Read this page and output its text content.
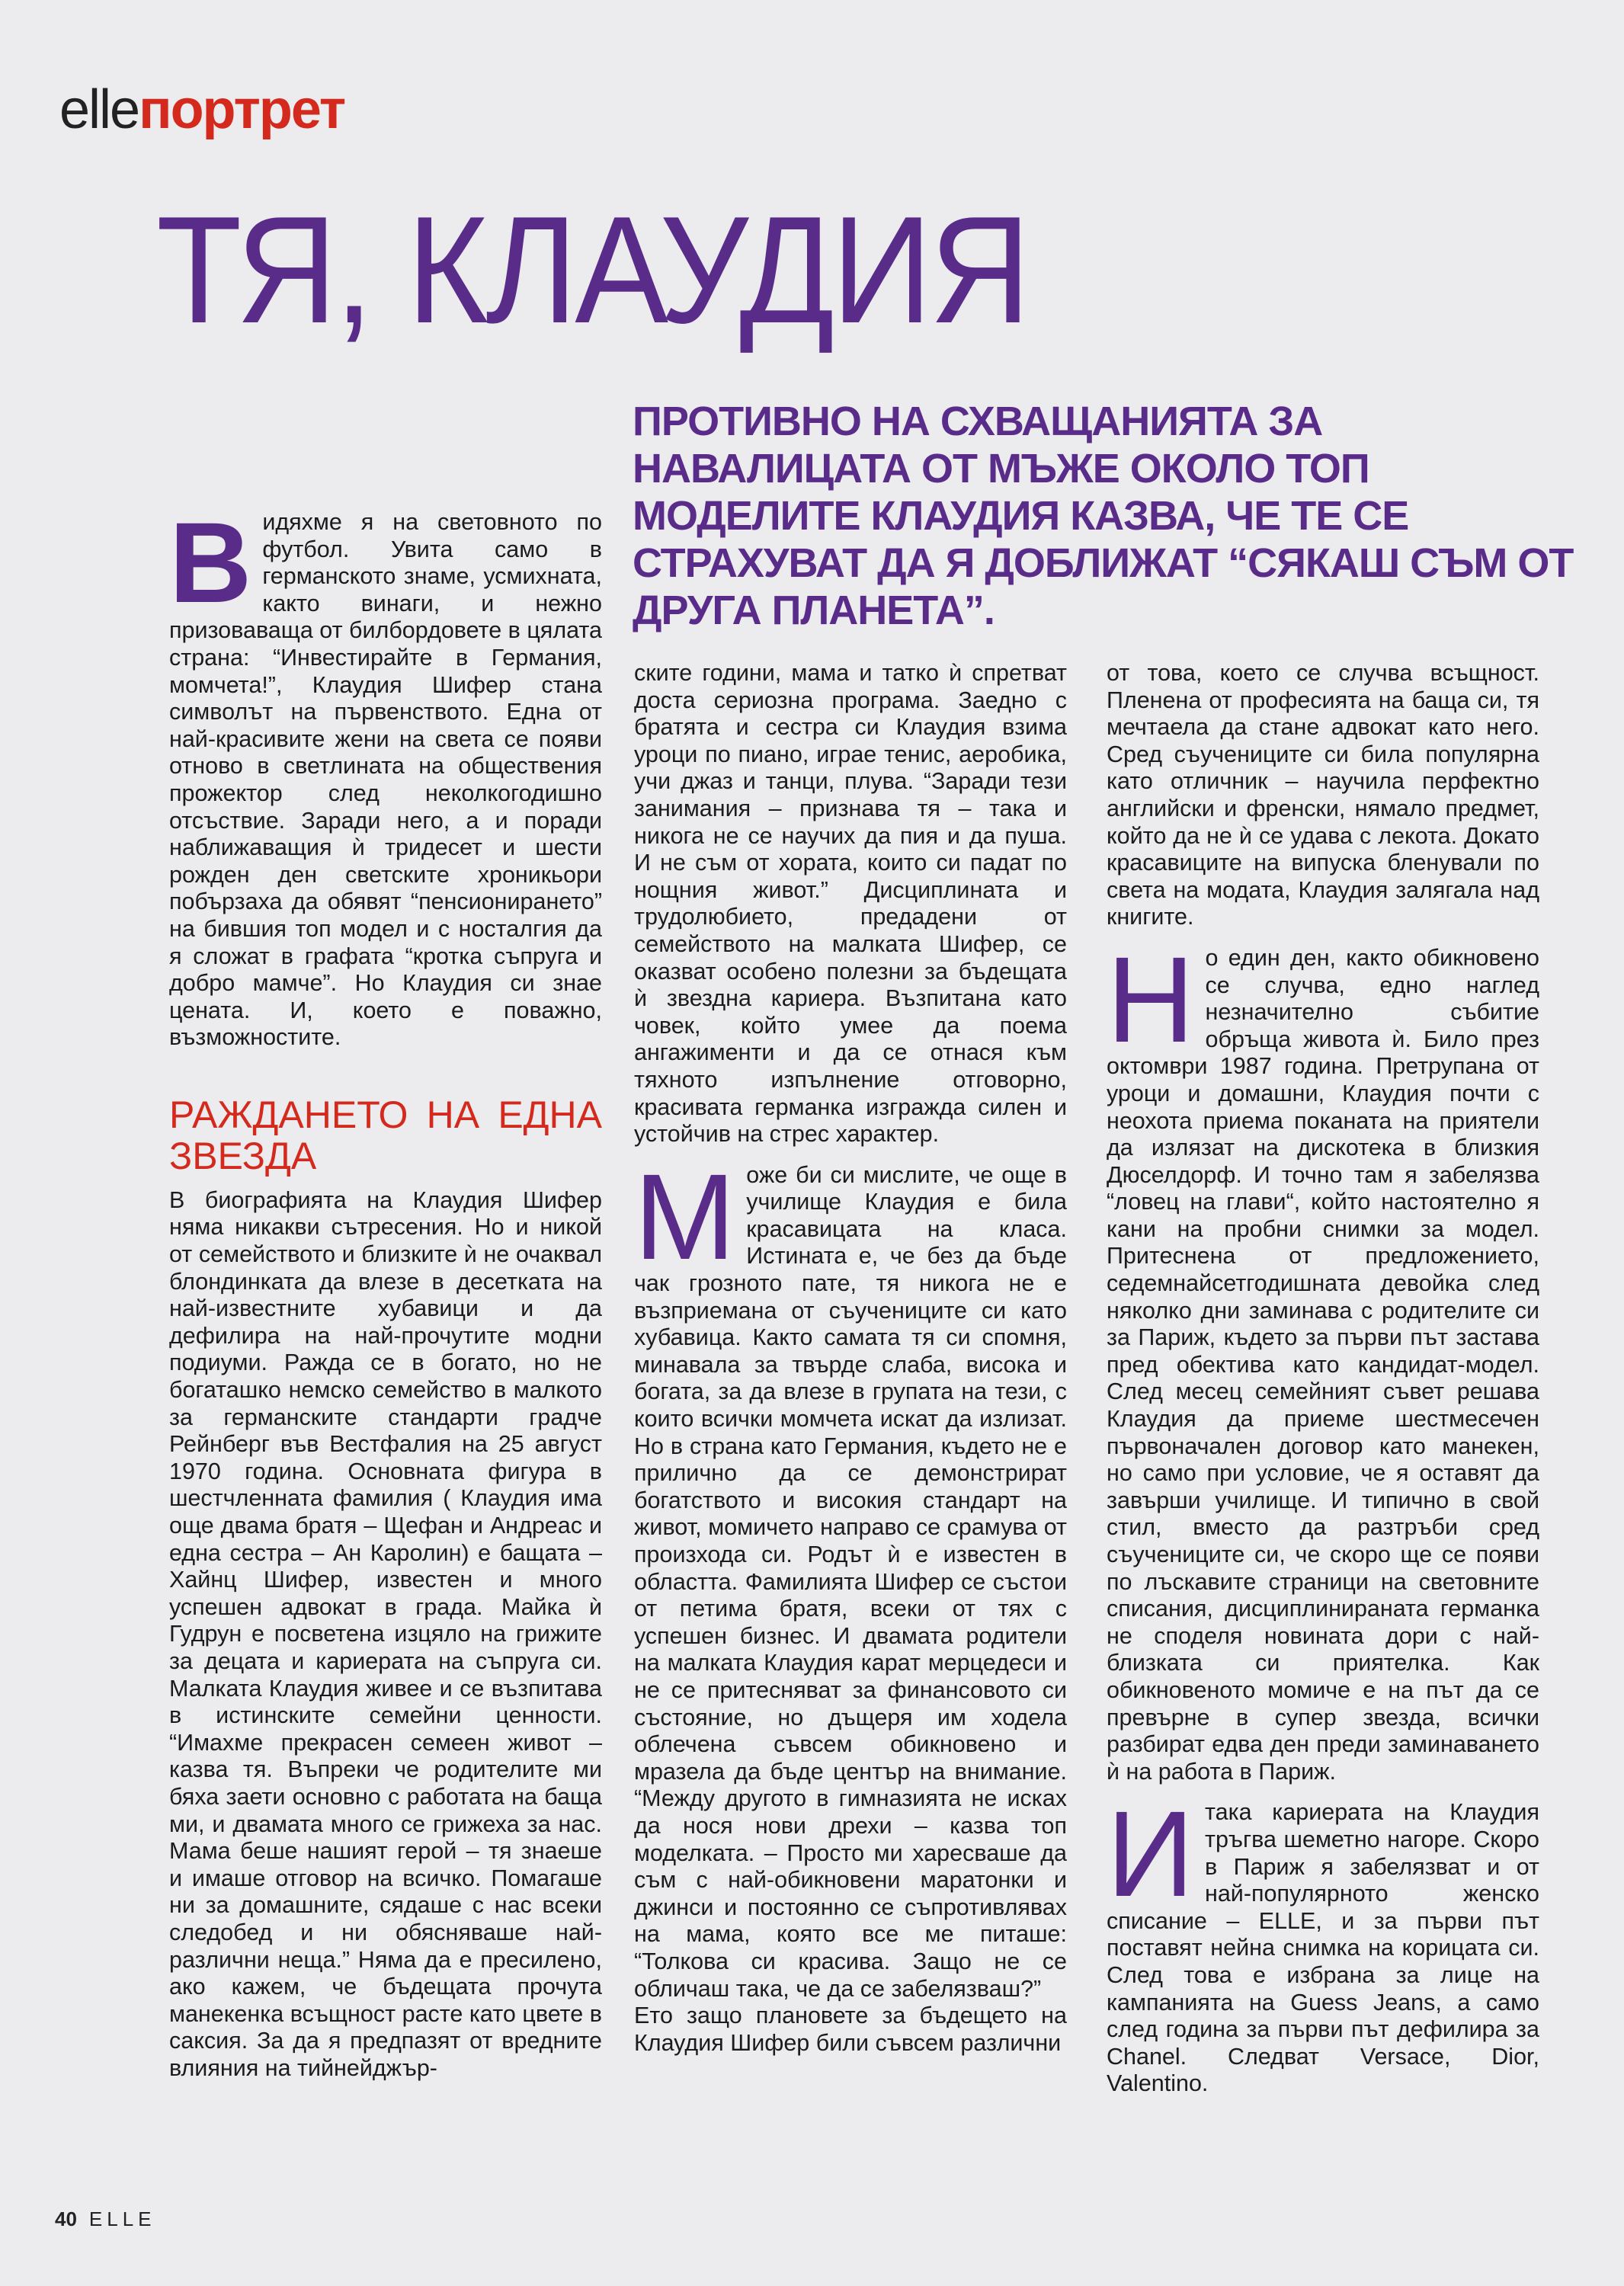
elleпортрет
ТЯ, КЛАУДИЯ

ПРОТИВНО НА СХВАЩАНИЯТА ЗА НАВАЛИЦАТА ОТ МЪЖЕ ОКОЛО ТОП МОДЕЛИТЕ КЛАУДИЯ КАЗВА, ЧЕ ТЕ СЕ СТРАХУВАТ ДА Я ДОБЛИЖАТ “СЯКАШ СЪМ ОТ ДРУГА ПЛАНЕТА”.

Видяхме я на световното по футбол. Увита само в германското знаме, усмихната, както винаги, и нежно призоваваща от билбордовете в цялата страна: “Инвестирайте в Германия, момчета!”, Клаудия Шифер стана символът на първенството. Една от най-красивите жени на света се появи отново в светлината на обществения прожектор след неколкогодишно отсъствие. Заради него, а и поради наближаващия ѝ тридесет и шести рожден ден светските хроникьори побързаха да обявят “пенсионирането” на бившия топ модел и с носталгия да я сложат в графата “кротка съпруга и добро мамче”. Но Клаудия си знае цената. И, което е поважно, възможностите.

РАЖДАНЕТО НА ЕДНА ЗВЕЗДА

В биографията на Клаудия Шифер няма никакви сътресения. Но и никой от семейството и близките ѝ не очаквал блондинката да влезе в десетката на най-известните хубавици и да дефилира на най-прочутите модни подиуми. Ражда се в богато, но не богаташко немско семейство в малкото за германските стандарти градче Рейнберг във Вестфалия на 25 август 1970 година. Основната фигура в шестчленната фамилия ( Клаудия има още двама братя – Щефан и Андреас и една сестра – Ан Каролин) е бащата – Хайнц Шифер, известен и много успешен адвокат в града. Майка ѝ Гудрун е посветена изцяло на грижите за децата и кариерата на съпруга си. Малката Клаудия живее и се възпитава в истинските семейни ценности. “Имахме прекрасен семеен живот – казва тя. Въпреки че родителите ми бяха заети основно с работата на баща ми, и двамата много се грижеха за нас. Мама беше нашият герой – тя знаеше и имаше отговор на всичко. Помагаше ни за домашните, сядаше с нас всеки следобед и ни обясняваше най-различни неща.” Няма да е пресилено, ако кажем, че бъдещата прочута манекенка всъщност расте като цвете в саксия. За да я предпазят от вредните влияния на тийнейджър-

ските години, мама и татко ѝ спретват доста сериозна програма. Заедно с братята и сестра си Клаудия взима уроци по пиано, играе тенис, аеробика, учи джаз и танци, плува. “Заради тези занимания – признава тя – така и никога не се научих да пия и да пуша. И не съм от хората, които си падат по нощния живот.” Дисциплината и трудолюбието, предадени от семейството на малката Шифер, се оказват особено полезни за бъдещата ѝ звездна кариера. Възпитана като човек, който умее да поема ангажименти и да се отнася към тяхното изпълнение отговорно, красивата германка изгражда силен и устойчив на стрес характер.

Може би си мислите, че още в училище Клаудия е била красавицата на класа. Истината е, че без да бъде чак грозното пате, тя никога не е възприемана от съучениците си като хубавица. Както самата тя си спомня, минавала за твърде слаба, висока и богата, за да влезе в групата на тези, с които всички момчета искат да излизат. Но в страна като Германия, където не е прилично да се демонстрират богатството и високия стандарт на живот, момичето направо се срамува от произхода си. Родът ѝ е известен в областта. Фамилията Шифер се състои от петима братя, всеки от тях с успешен бизнес. И двамата родители на малката Клаудия карат мерцедеси и не се притесняват за финансовото си състояние, но дъщеря им ходела облечена съвсем обикновено и мразела да бъде център на внимание. “Между другото в гимназията не исках да нося нови дрехи – казва топ моделката. – Просто ми харесваше да съм с най-обикновени маратонки и джинси и постоянно се съпротивлявах на мама, която все ме питаше: “Толкова си красива. Защо не се обличаш така, че да се забелязваш?”

Ето защо плановете за бъдещето на Клаудия Шифер били съвсем различни

от това, което се случва всъщност. Пленена от професията на баща си, тя мечтаела да стане адвокат като него. Сред съучениците си била популярна като отличник – научила перфектно английски и френски, нямало предмет, който да не ѝ се удава с лекота. Докато красавиците на випуска бленували по света на модата, Клаудия залягала над книгите.

Но един ден, както обикновено се случва, едно наглед незначително събитие обръща живота ѝ. Било през октомври 1987 година. Претрупана от уроци и домашни, Клаудия почти с неохота приема поканата на приятели да излязат на дискотека в близкия Дюселдорф. И точно там я забелязва “ловец на глави“, който настоятелно я кани на пробни снимки за модел. Притеснена от предложението, седемнайсетгодишната девойка след няколко дни заминава с родителите си за Париж, където за първи път застава пред обектива като кандидат-модел. След месец семейният съвет решава Клаудия да приеме шестмесечен първоначален договор като манекен, но само при условие, че я оставят да завърши училище. И типично в свой стил, вместо да разтръби сред съучениците си, че скоро ще се появи по лъскавите страници на световните списания, дисциплинираната германка не споделя новината дори с най-близката си приятелка. Как обикновеното момиче е на път да се превърне в супер звезда, всички разбират едва ден преди заминаването ѝ на работа в Париж.

Итака кариерата на Клаудия тръгва шеметно нагоре. Скоро в Париж я забелязват и от най-популярното женско списание – ELLE, и за първи път поставят нейна снимка на корицата си. След това е избрана за лице на кампанията на Guess Jeans, а само след година за първи път дефилира за Chanel. Следват Versace, Dior, Valentino.

40 ELLE
